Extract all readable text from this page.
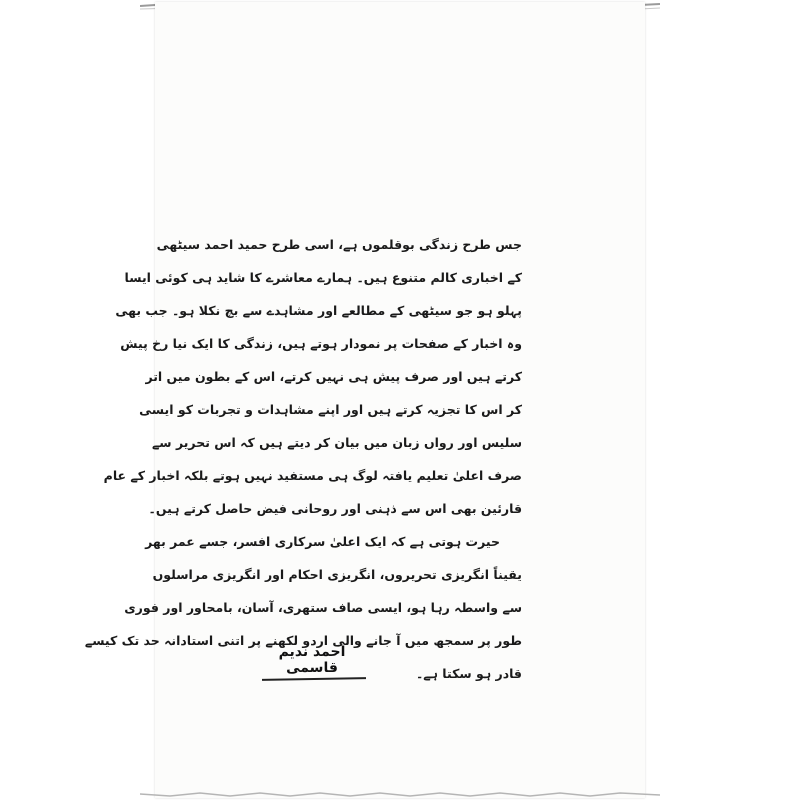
جس طرح زندگی بوقلموں ہے، اسی طرح حمید احمد سیٹھی
کے اخباری کالم متنوع ہیں۔ ہمارے معاشرے کا شاید ہی کوئی ایسا
پہلو ہو جو سیٹھی کے مطالعے اور مشاہدے سے بچ نکلا ہو۔ جب بھی
وہ اخبار کے صفحات پر نمودار ہوتے ہیں، زندگی کا ایک نیا رخ پیش
کرتے ہیں اور صرف پیش ہی نہیں کرتے، اس کے بطون میں اتر
کر اس کا تجزیہ کرتے ہیں اور اپنے مشاہدات و تجربات کو ایسی
سلیس اور رواں زبان میں بیان کر دیتے ہیں کہ اس تحریر سے
صرف اعلیٰ تعلیم یافتہ لوگ ہی مستفید نہیں ہوتے بلکہ اخبار کے عام
قارئین بھی اس سے ذہنی اور روحانی فیض حاصل کرتے ہیں۔
حیرت ہوتی ہے کہ ایک اعلیٰ سرکاری افسر، جسے عمر بھر
یقیناً انگریزی تحریروں، انگریزی احکام اور انگریزی مراسلوں
سے واسطہ رہا ہو، ایسی صاف ستھری، آسان، بامحاور اور فوری
طور پر سمجھ میں آ جانے والی اردو لکھنے پر اتنی استادانہ حد تک کیسے
قادر ہو سکتا ہے۔
احمد ندیم قاسمی
